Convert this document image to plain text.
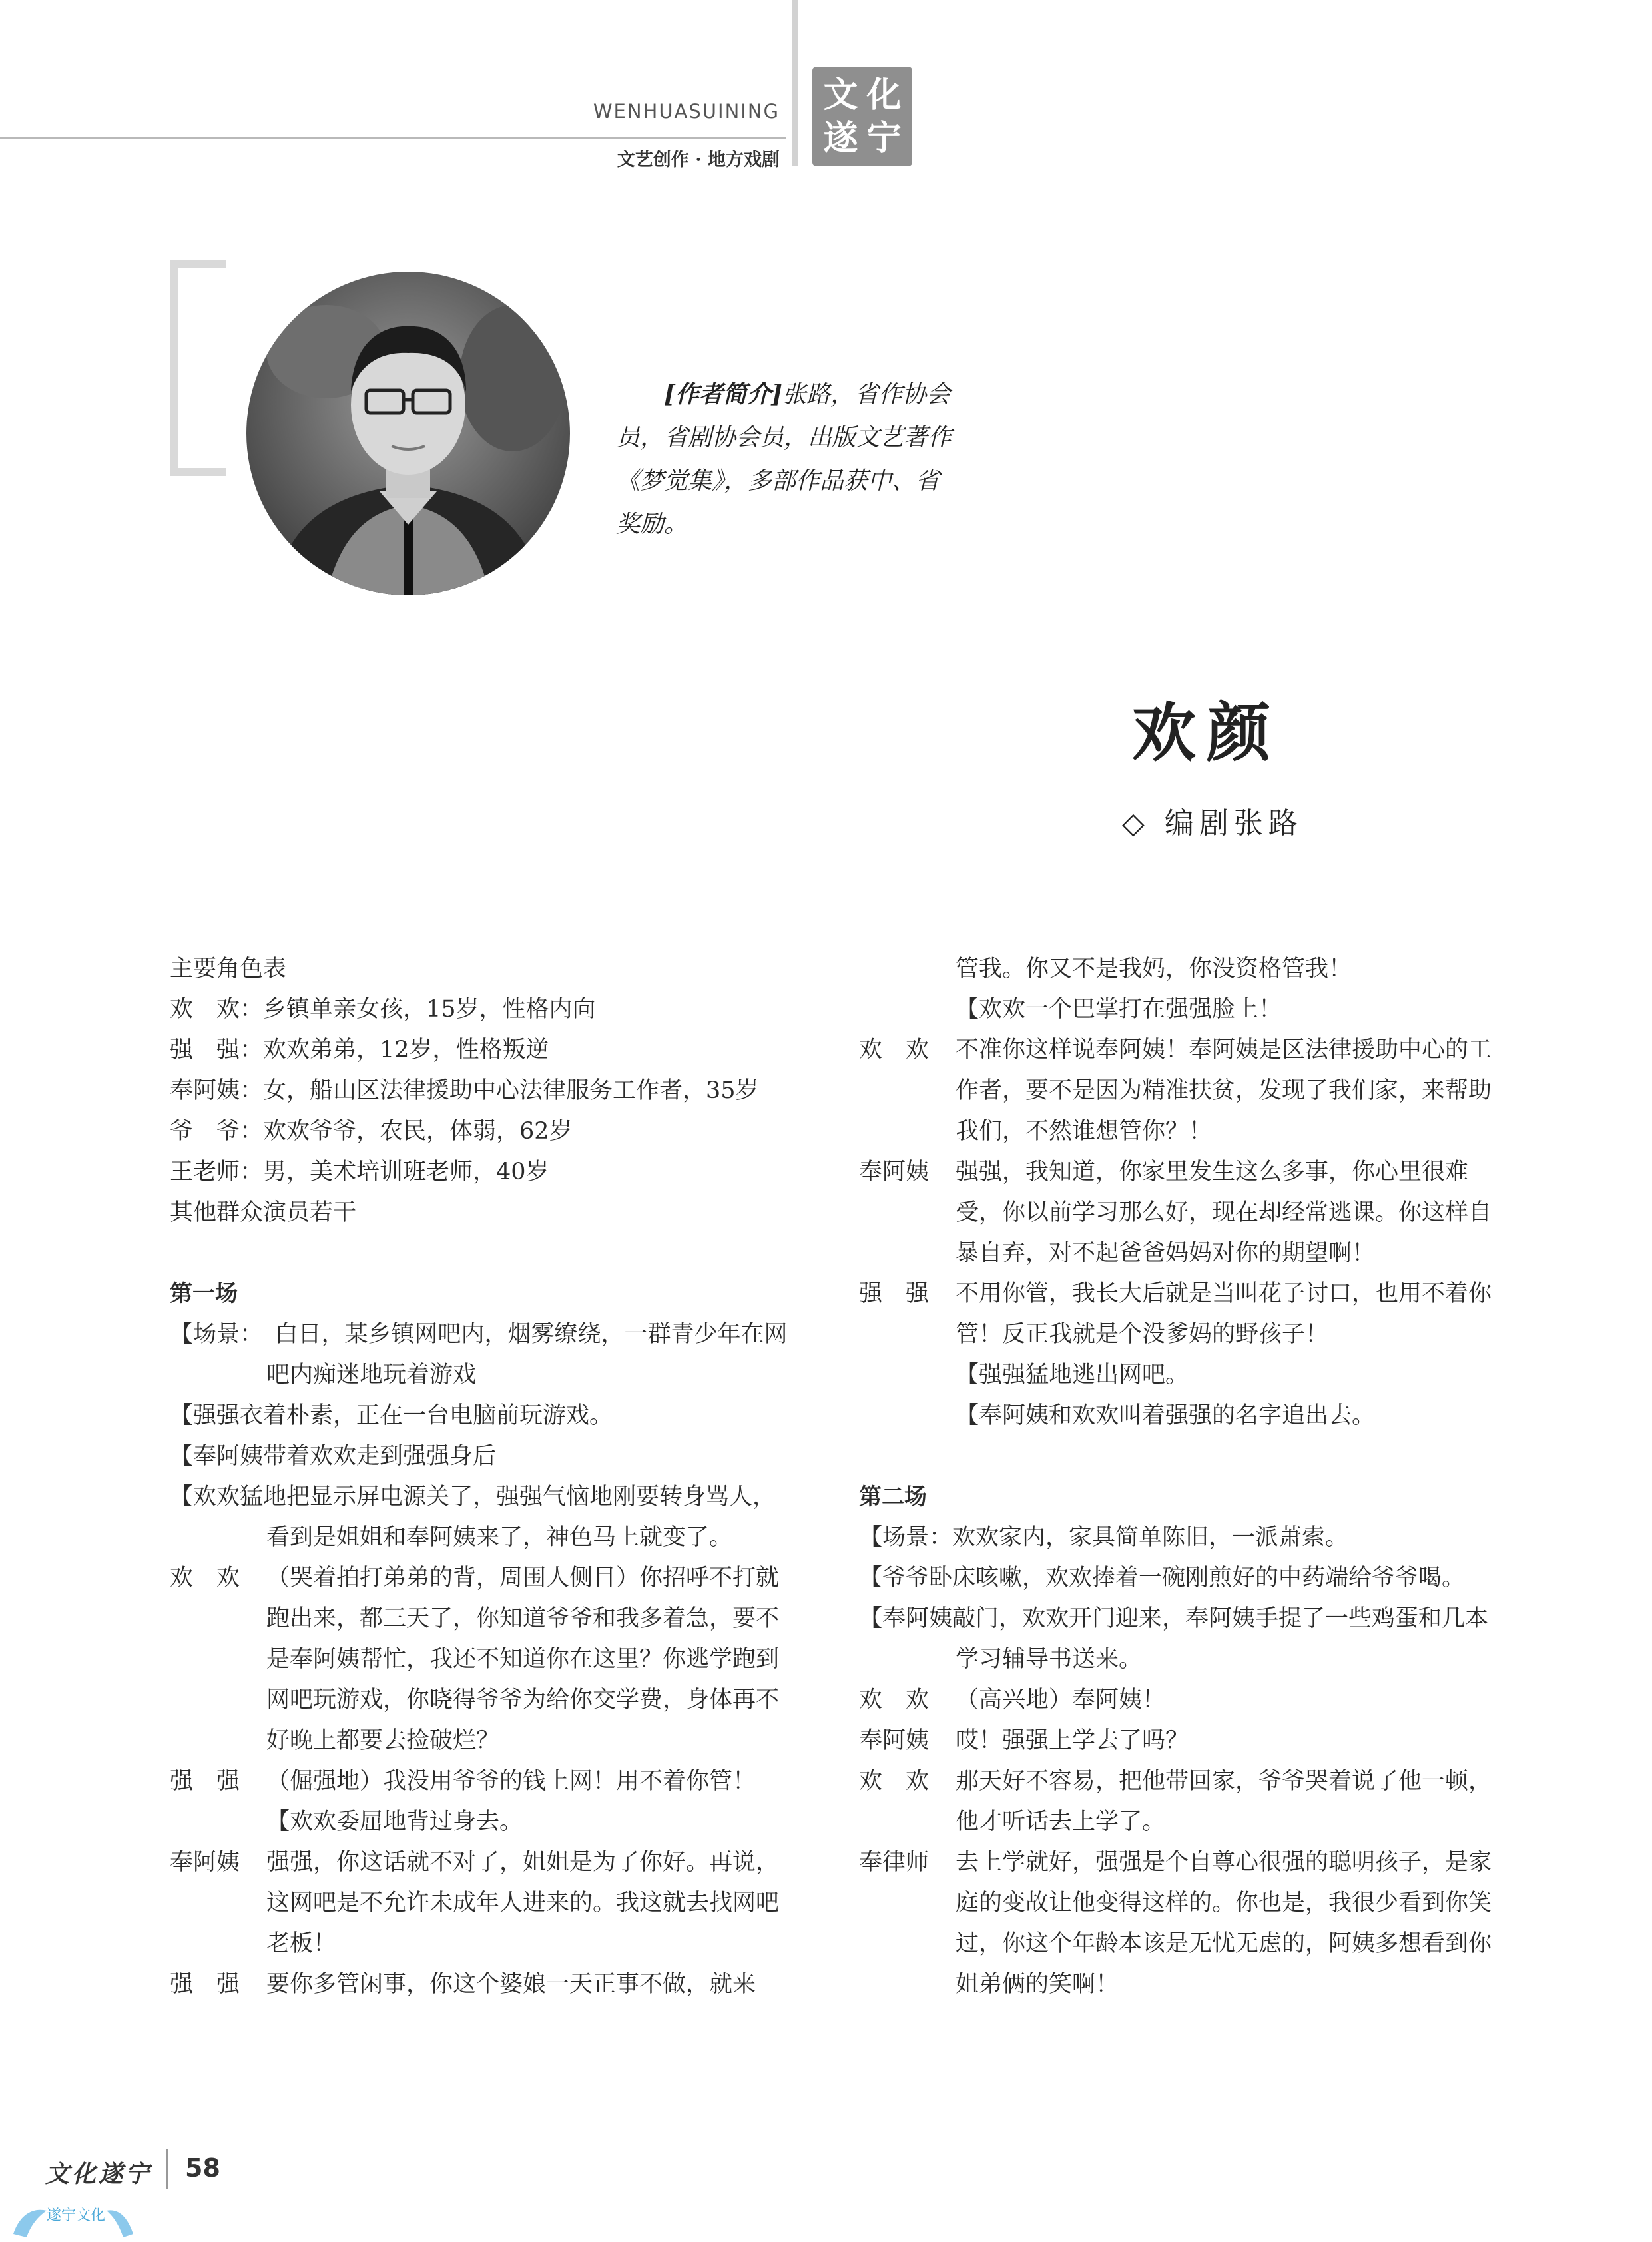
WENHUASUINING
文艺创作 · 地方戏剧
文 化
遂 宁
[作者简介]张路，省作协会员，省剧协会员，出版文艺著作《梦觉集》，多部作品获中、省奖励。
欢颜
◇ 编剧张路

主要角色表

欢　欢：乡镇单亲女孩，15岁，性格内向

强　强：欢欢弟弟，12岁，性格叛逆

奉阿姨：女，船山区法律援助中心法律服务工作者，35岁

爷　爷：欢欢爷爷，农民，体弱，62岁

王老师：男，美术培训班老师，40岁

其他群众演员若干

第一场

【场景：　白日，某乡镇网吧内，烟雾缭绕，一群青少年在网吧内痴迷地玩着游戏

【强强衣着朴素，正在一台电脑前玩游戏。

【奉阿姨带着欢欢走到强强身后

【欢欢猛地把显示屏电源关了，强强气恼地刚要转身骂人，看到是姐姐和奉阿姨来了，神色马上就变了。

欢　欢 （哭着拍打弟弟的背，周围人侧目）你招呼不打就跑出来，都三天了，你知道爷爷和我多着急，要不是奉阿姨帮忙，我还不知道你在这里？你逃学跑到网吧玩游戏，你晓得爷爷为给你交学费，身体再不好晚上都要去捡破烂？

强　强 （倔强地）我没用爷爷的钱上网！用不着你管！

【欢欢委屈地背过身去。

奉阿姨 强强，你这话就不对了，姐姐是为了你好。再说，这网吧是不允许未成年人进来的。我这就去找网吧老板！

强　强 要你多管闲事，你这个婆娘一天正事不做，就来

管我。你又不是我妈，你没资格管我！

【欢欢一个巴掌打在强强脸上！

欢　欢 不准你这样说奉阿姨！奉阿姨是区法律援助中心的工作者，要不是因为精准扶贫，发现了我们家，来帮助我们，不然谁想管你？！

奉阿姨 强强，我知道，你家里发生这么多事，你心里很难受，你以前学习那么好，现在却经常逃课。你这样自暴自弃，对不起爸爸妈妈对你的期望啊！

强　强 不用你管，我长大后就是当叫花子讨口，也用不着你管！反正我就是个没爹妈的野孩子！

【强强猛地逃出网吧。

【奉阿姨和欢欢叫着强强的名字追出去。

第二场

【场景：欢欢家内，家具简单陈旧，一派萧索。

【爷爷卧床咳嗽，欢欢捧着一碗刚煎好的中药端给爷爷喝。

【奉阿姨敲门，欢欢开门迎来，奉阿姨手提了一些鸡蛋和几本学习辅导书送来。

欢　欢 （高兴地）奉阿姨！

奉阿姨 哎！强强上学去了吗？

欢　欢 那天好不容易，把他带回家，爷爷哭着说了他一顿，他才听话去上学了。

奉律师 去上学就好，强强是个自尊心很强的聪明孩子，是家庭的变故让他变得这样的。你也是，我很少看到你笑过，你这个年龄本该是无忧无虑的，阿姨多想看到你姐弟俩的笑啊！

文化遂宁 58
遂宁文化
